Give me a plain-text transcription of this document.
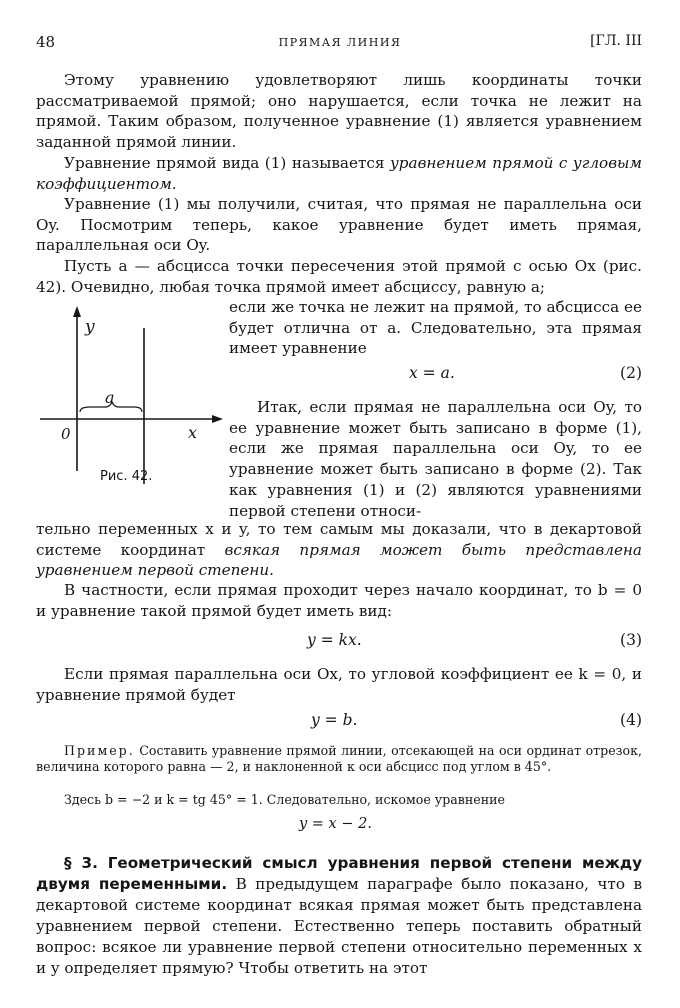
48	ПРЯМАЯ ЛИНИЯ	[ГЛ. III
Этому уравнению удовлетворяют лишь координаты точки рассматриваемой прямой; оно нарушается, если точка не лежит на прямой. Таким образом, полученное уравнение (1) является уравнением заданной прямой линии.
Уравнение прямой вида (1) называется уравнением прямой с угловым коэффициентом.
Уравнение (1) мы получили, считая, что прямая не параллельна оси Oy. Посмотрим теперь, какое уравнение будет иметь прямая, параллельная оси Oy.
Пусть a — абсцисса точки пересечения этой прямой с осью Ox (рис. 42). Очевидно, любая точка прямой имеет абсциссу, равную a;
если же точка не лежит на прямой, то абсцисса ее будет отлична от a. Следовательно, эта прямая имеет уравнение
x = a.	(2)
Итак, если прямая не параллельна оси Oy, то ее уравнение может быть записано в форме (1), если же прямая параллельна оси Oy, то ее уравнение может быть записано в форме (2). Так как уравнения (1) и (2) являются уравнениями первой степени относи-
тельно переменных x и y, то тем самым мы доказали, что в декартовой системе координат всякая прямая может быть представлена уравнением первой степени.
В частности, если прямая проходит через начало координат, то b = 0 и уравнение такой прямой будет иметь вид:
y = kx.	(3)
Если прямая параллельна оси Ox, то угловой коэффициент ее k = 0, и уравнение прямой будет
y = b.	(4)
Пример. Составить уравнение прямой линии, отсекающей на оси ординат отрезок, величина которого равна — 2, и наклоненной к оси абсцисс под углом в 45°.
Здесь b = −2 и k = tg 45° = 1. Следовательно, искомое уравнение
y = x − 2.
§ 3. Геометрический смысл уравнения первой степени между двумя переменными. В предыдущем параграфе было показано, что в декартовой системе координат всякая прямая может быть представлена уравнением первой степени. Естественно теперь поставить обратный вопрос: всякое ли уравнение первой степени относительно переменных x и y определяет прямую? Чтобы ответить на этот
y
x
0
a
Рис. 42.
